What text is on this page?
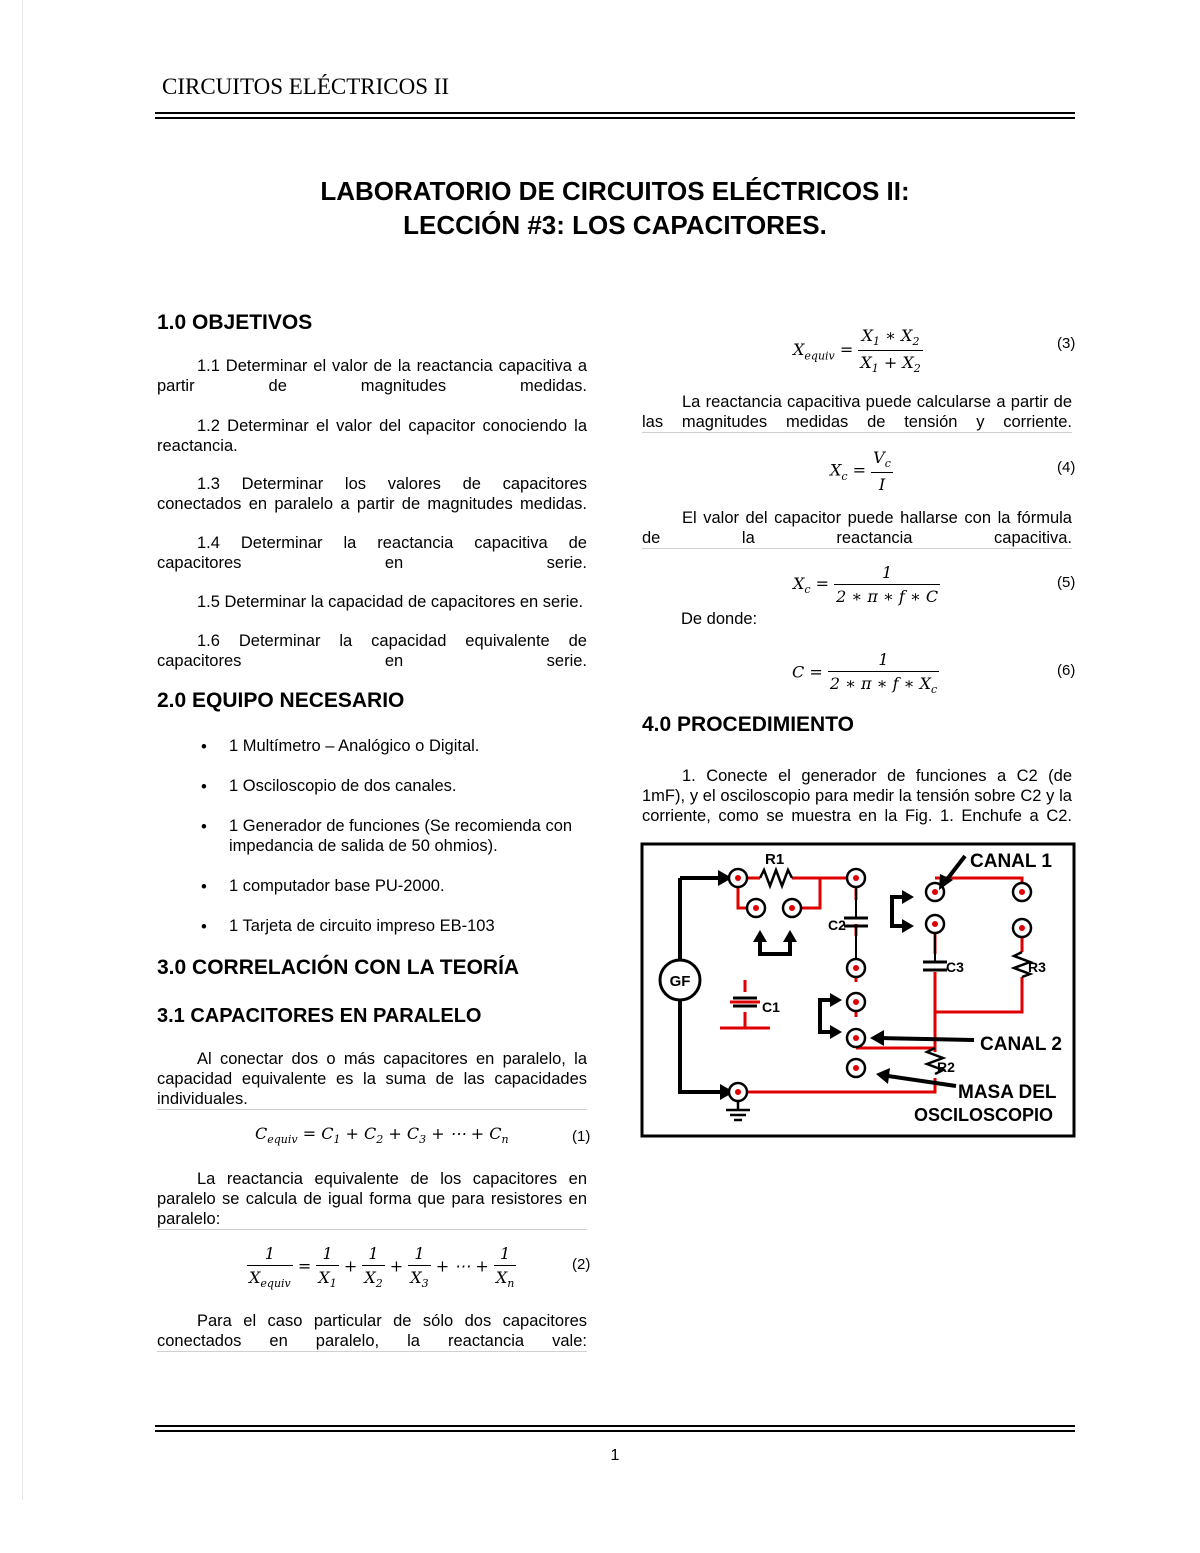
CIRCUITOS ELÉCTRICOS II
LABORATORIO DE CIRCUITOS ELÉCTRICOS II:
LECCIÓN #3: LOS CAPACITORES.
1.0 OBJETIVOS

1.1 Determinar el valor de la reactancia capacitiva a partir de magnitudes medidas.

1.2 Determinar el valor del capacitor conociendo la reactancia.

1.3 Determinar los valores de capacitores conectados en paralelo a partir de magnitudes medidas.

1.4 Determinar la reactancia capacitiva de capacitores en serie.

1.5 Determinar la capacidad de capacitores en serie.

1.6 Determinar la capacidad equivalente de capacitores en serie.

2.0 EQUIPO NECESARIO
• 1 Multímetro – Analógico o Digital.
• 1 Osciloscopio de dos canales.
• 1 Generador de funciones (Se recomienda con impedancia de salida de 50 ohmios).
• 1 computador base PU-2000.
• 1 Tarjeta de circuito impreso EB-103
3.0 CORRELACIÓN CON LA TEORÍA
3.1 CAPACITORES EN PARALELO

Al conectar dos o más capacitores en paralelo, la capacidad equivalente es la suma de las capacidades individuales.

$C_{equiv} = C_1 + C_2 + C_3$ + ⋯ + $C_n$	(1)

La reactancia equivalente de los capacitores en paralelo se calcula de igual forma que para resistores en paralelo:

$\frac{1}{X_{equiv}} = \frac{1}{X_1} + \frac{1}{X_2} + \frac{1}{X_3}$ + ⋯ + $\frac{1}{X_n}$	(2)

Para el caso particular de sólo dos capacitores conectados en paralelo, la reactancia vale:

$X_{equiv} = \frac{X_1 ∗ X_2}{X_1 + X_2}$	(3)

La reactancia capacitiva puede calcularse a partir de las magnitudes medidas de tensión y corriente.

$X_c = \frac{V_c}{I}$	(4)

El valor del capacitor puede hallarse con la fórmula de la reactancia capacitiva.

$X_c = \frac{1}{2 ∗ \pi ∗ f ∗ C}$	(5)

De donde:

$C = \frac{1}{2 ∗ \pi ∗ f ∗ X_c}$	(6)
4.0 PROCEDIMIENTO

1. Conecte el generador de funciones a C2 (de 1mF), y el osciloscopio para medir la tensión sobre C2 y la corriente, como se muestra en la Fig. 1. Enchufe a C2.

GF
R1
C2
C3
C1
R3
R2
CANAL 1
CANAL 2
MASA DEL
OSCILOSCOPIO
1
